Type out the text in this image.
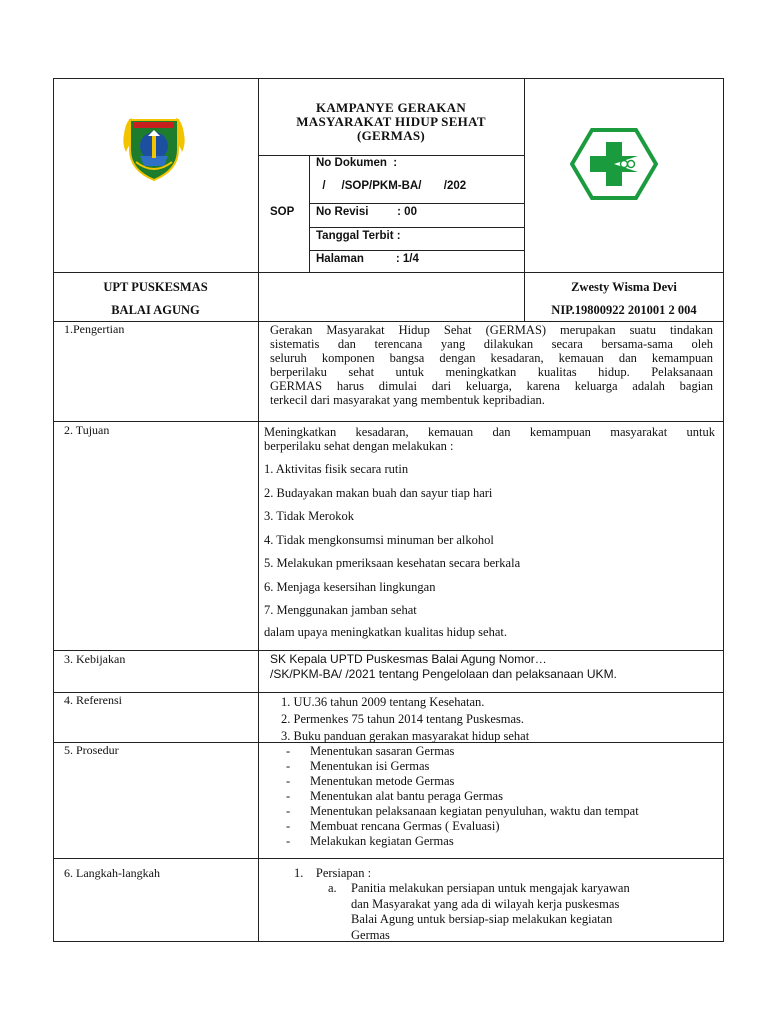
KAMPANYE GERAKAN
MASYARAKAT HIDUP SEHAT
(GERMAS)
SOP
No Dokumen  :
/     /SOP/PKM-BA/       /202
No Revisi         : 00
Tanggal Terbit :
Halaman          : 1/4
UPT PUSKESMAS
BALAI AGUNG
Zwesty Wisma Devi
NIP.19800922 201001 2 004
1.Pengertian	Gerakan Masyarakat Hidup Sehat (GERMAS) merupakan suatu tindakan
sistematis dan terencana yang dilakukan secara bersama-sama oleh
seluruh komponen bangsa dengan kesadaran, kemauan dan kemampuan
berperilaku sehat untuk meningkatkan kualitas hidup. Pelaksanaan
GERMAS harus dimulai dari keluarga, karena keluarga adalah bagian
terkecil dari masyarakat yang membentuk kepribadian.
2. Tujuan	Meningkatkan kesadaran, kemauan dan kemampuan masyarakat untuk
berperilaku sehat dengan melakukan :
1. Aktivitas fisik secara rutin
2. Budayakan makan buah dan sayur tiap hari
3. Tidak Merokok
4. Tidak mengkonsumsi minuman ber alkohol
5. Melakukan pmeriksaan kesehatan secara berkala
6. Menjaga kesersihan lingkungan
7. Menggunakan jamban sehat
dalam upaya meningkatkan kualitas hidup sehat.
3. Kebijakan	SK Kepala UPTD Puskesmas Balai Agung Nomor…
/SK/PKM-BA/ /2021 tentang Pengelolaan dan pelaksanaan UKM.
4. Referensi	1. UU.36 tahun 2009 tentang Kesehatan.
2. Permenkes 75 tahun 2014 tentang Puskesmas.
3. Buku panduan gerakan masyarakat hidup sehat
5. Prosedur	- Menentukan sasaran Germas
- Menentukan isi Germas
- Menentukan metode Germas
- Menentukan alat bantu peraga Germas
- Menentukan pelaksanaan kegiatan penyuluhan, waktu dan tempat
- Membuat rencana Germas ( Evaluasi)
- Melakukan kegiatan Germas
6. Langkah-langkah	1.    Persiapan :
a. Panitia melakukan persiapan untuk mengajak karyawan
dan Masyarakat yang ada di wilayah kerja puskesmas
Balai Agung untuk bersiap-siap melakukan kegiatan
Germas
